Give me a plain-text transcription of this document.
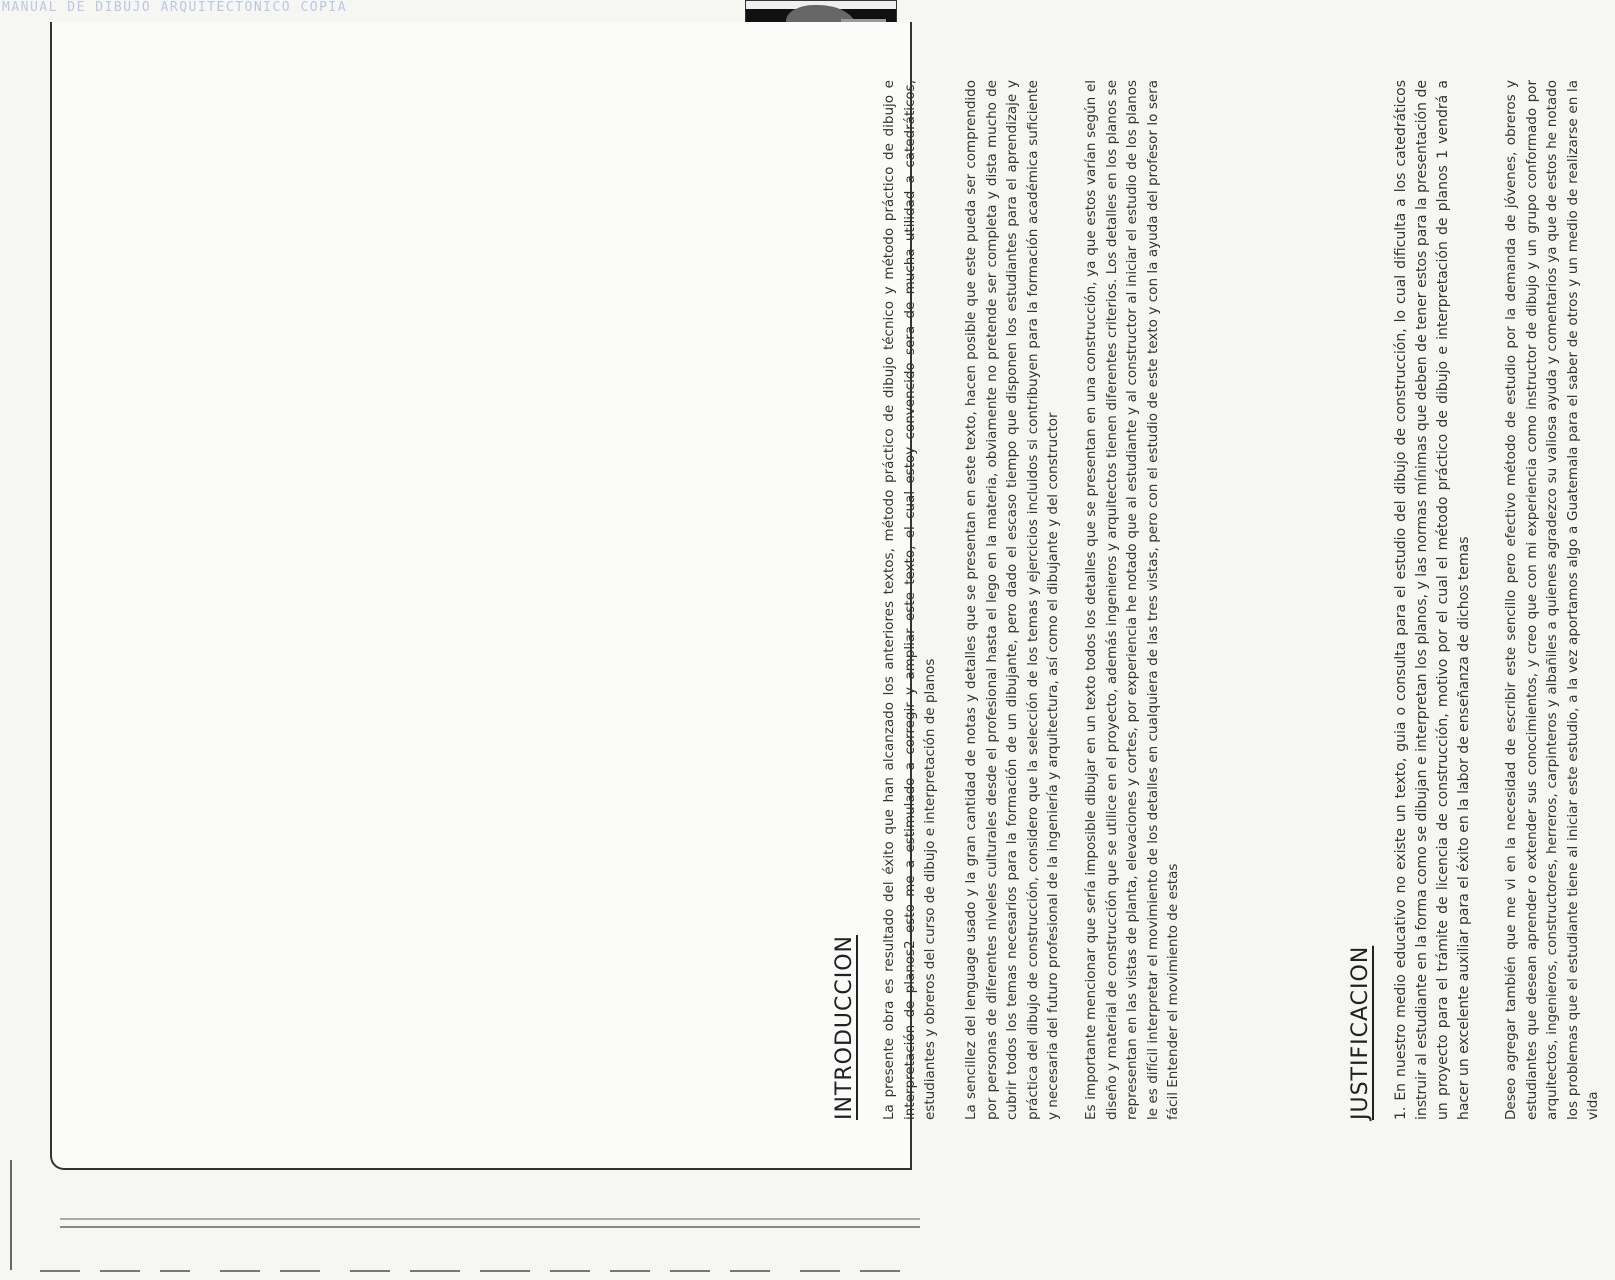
MANUAL DE DIBUJO ARQUITECTONICO COPIA
INTRODUCCION La presente obra es resultado del éxito que han alcanzado los anteriores textos, método práctico de dibujo técnico y método práctico de dibujo e interpretación de planos2 esto me a estimulado a corregir y ampliar este texto, el cual estoy convencido sera de mucha utilidad a catedráticos, estudiantes y obreros del curso de dibujo e interpretación de planos La sencillez del lenguage usado y la gran cantidad de notas y detalles que se presentan en este texto, hacen posible que este pueda ser comprendido por personas de diferentes niveles culturales desde el profesional hasta el lego en la materia, obviamente no pretende ser completa y dista mucho de cubrir todos los temas necesarios para la formación de un dibujante, pero dado el escaso tiempo que disponen los estudiantes para el aprendizaje y práctica del dibujo de construcción, considero que la selección de los temas y ejercicios incluidos si contribuyen para la formación académica suficiente y necesaria del futuro profesional de la ingeniería y arquitectura, así como el dibujante y del constructor Es importante mencionar que sería imposible dibujar en un texto todos los detalles que se presentan en una construcción, ya que estos varían según el diseño y material de construcción que se utilice en el proyecto, además ingenieros y arquitectos tienen diferentes criterios. Los detalles en los planos se representan en las vistas de planta, elevaciones y cortes, por experiencia he notado que al estudiante y al constructor al iniciar el estudio de los planos le es difícil interpretar el movimiento de los detalles en cualquiera de las tres vistas, pero con el estudio de este texto y con la ayuda del profesor lo sera fácil Entender el movimiento de estas	JUSTIFICACION 1. En nuestro medio educativo no existe un texto, guia o consulta para el estudio del dibujo de construcción, lo cual dificulta a los catedráticos instruir al estudiante en la forma como se dibujan e interpretan los planos, y las normas mínimas que deben de tener estos para la presentación de un proyecto para el trámite de licencia de construcción, motivo por el cual el método práctico de dibujo e interpretación de planos 1 vendrá a hacer un excelente auxiliar para el éxito en la labor de enseñanza de dichos temas Deseo agregar también que me vi en la necesidad de escribir este sencillo pero efectivo método de estudio por la demanda de jóvenes, obreros y estudiantes que desean aprender o extender sus conocimientos, y creo que con mi experiencia como instructor de dibujo y un grupo conformado por arquitectos, ingenieros, constructores, herreros, carpinteros y albañiles a quienes agradezco su valiosa ayuda y comentarios ya que de estos he notado los problemas que el estudiante tiene al iniciar este estudio, a la vez aportamos algo a Guatemala para el saber de otros y un medio de realizarse en la vida
